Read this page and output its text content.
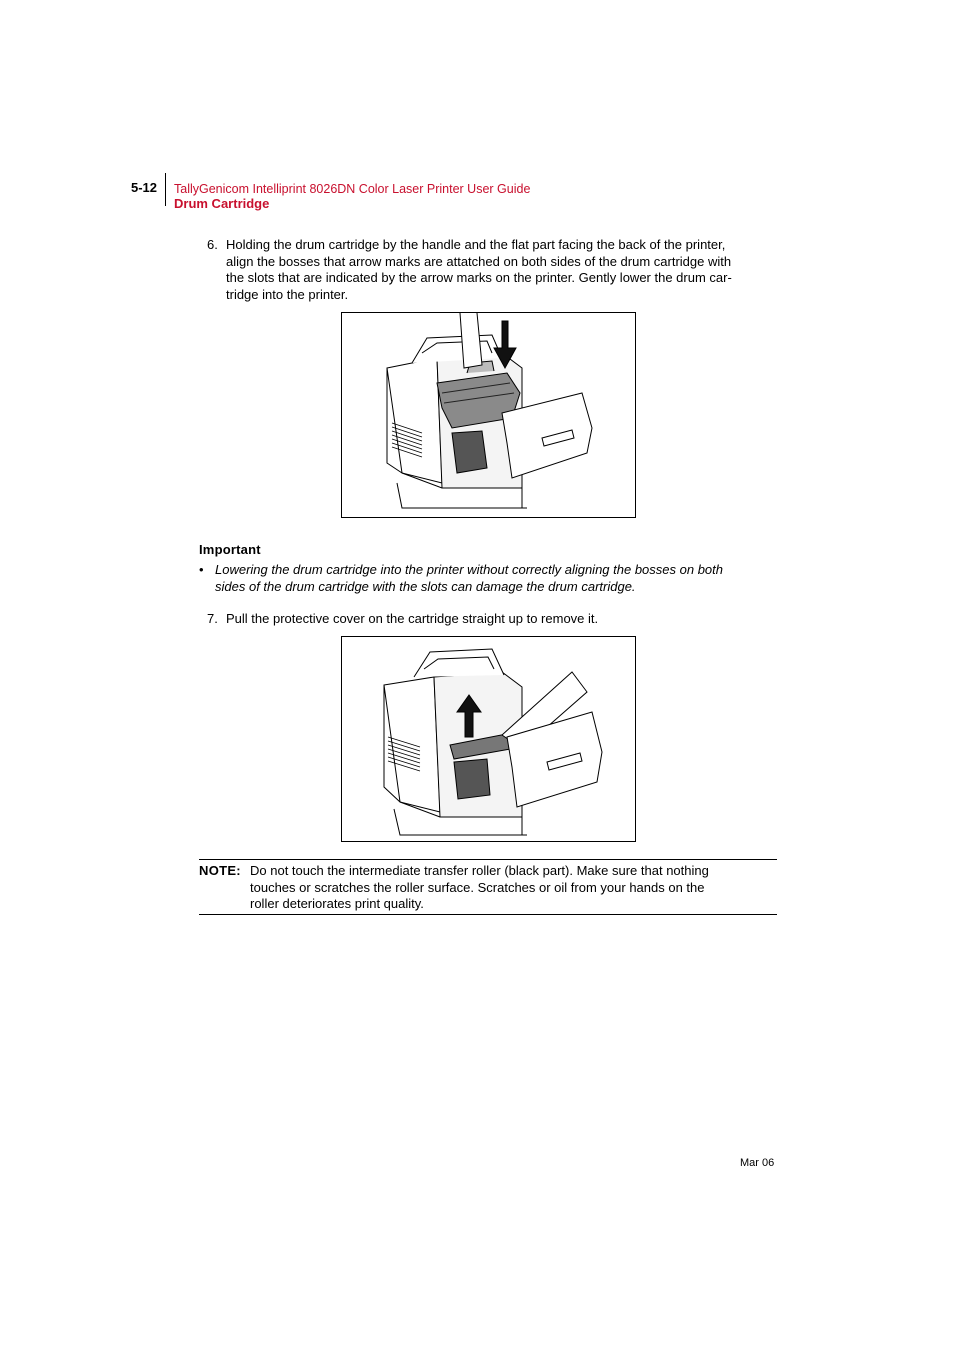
5-12 TallyGenicom Intelliprint 8026DN Color Laser Printer User Guide
Drum Cartridge
6. Holding the drum cartridge by the handle and the flat part facing the back of the printer,
align the bosses that arrow marks are attatched on both sides of the drum cartridge with
the slots that are indicated by the arrow marks on the printer. Gently lower the drum car-
tridge into the printer.
Important
• Lowering the drum cartridge into the printer without correctly aligning the bosses on both
sides of the drum cartridge with the slots can damage the drum cartridge.
7. Pull the protective cover on the cartridge straight up to remove it.
NOTE: Do not touch the intermediate transfer roller (black part). Make sure that nothing
touches or scratches the roller surface. Scratches or oil from your hands on the
roller deteriorates print quality.
Mar 06
